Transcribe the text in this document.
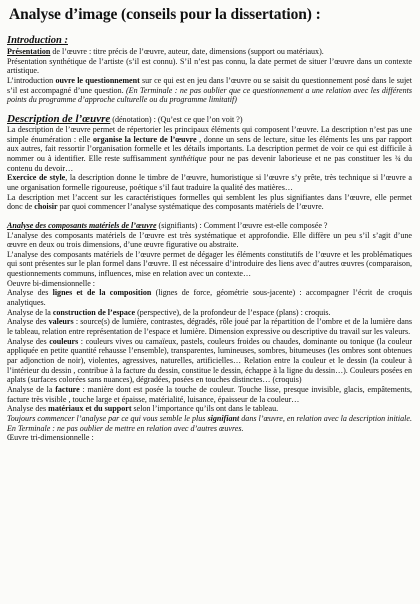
Analyse d’image (conseils pour la dissertation) :
Introduction :

Présentation de l’œuvre : titre précis de l’œuvre, auteur, date, dimensions (support ou matériaux).

Présentation synthétique de l’artiste (s’il est connu). S’il n’est pas connu, la date permet de situer l’œuvre dans un contexte artistique.

L’introduction ouvre le questionnement sur ce qui est en jeu dans l’œuvre ou se saisit du questionnement posé dans le sujet s’il est accompagné d’une question. (En Terminale : ne pas oublier que ce questionnement a une relation avec les différents points du programme d’approche culturelle ou du programme limitatif)

Description de l’œuvre (dénotation) : (Qu’est ce que l’on voit ?)

La description de l’œuvre permet de répertorier les principaux éléments qui composent l’œuvre. La description n’est pas une simple énumération : elle organise la lecture de l’œuvre , donne un sens de lecture, situe les éléments les uns par rapport aux autres, fait ressortir l’organisation formelle et les détails importants. La description permet de voir ce qui est difficile à nommer ou à identifier. Elle reste suffisamment synthétique pour ne pas devenir laborieuse et ne pas constituer les ¾ du contenu du devoir…

Exercice de style, la description donne le timbre de l’œuvre, humoristique si l’œuvre s’y prête, très technique si l’œuvre a une organisation formelle rigoureuse, poétique s’il faut traduire la qualité des matières…

La description met l’accent sur les caractéristiques formelles qui semblent les plus signifiantes dans l’œuvre, elle permet donc de choisir par quoi commencer l’analyse systématique des composants matériels de l’œuvre.

Analyse des composants matériels de l’œuvre (signifiants) : Comment l’œuvre est-elle composée ?

L’analyse des composants matériels de l’œuvre est très systématique et approfondie. Elle diffère un peu s’il s’agit d’une œuvre en deux ou trois dimensions, d’une œuvre figurative ou abstraite.

L’analyse des composants matériels de l’œuvre permet de dégager les éléments constitutifs de l’œuvre et les problématiques qui sont présentes sur le plan formel dans l’œuvre. Il est nécessaire d’introduire des liens avec d’autres œuvres (comparaison, questionnements communs, influences, mise en relation avec un contexte…

Oeuvre bi-dimensionnelle :

Analyse des lignes et de la composition (lignes de force, géométrie sous-jacente) : accompagner l’écrit de croquis analytiques.

Analyse de la construction de l’espace (perspective), de la profondeur de l’espace (plans) : croquis.

Analyse des valeurs : source(s) de lumière, contrastes, dégradés, rôle joué par la répartition de l’ombre et de la lumière dans le tableau, relation entre représentation de l’espace et lumière. Dimension expressive ou descriptive du travail sur les valeurs.

Analyse des couleurs : couleurs vives ou camaïeux, pastels, couleurs froides ou chaudes, dominante ou tonique (la couleur appliquée en petite quantité rehausse l’ensemble), transparentes, lumineuses, sombres, bitumeuses (les ombres sont obtenues par adjonction de noir), violentes, agressives, naturelles, artificielles… Relation entre la couleur et le dessin (la couleur à l’intérieur du dessin , contribue à la facture du dessin, constitue le dessin, échappe à la ligne du dessin…). Couleurs posées en aplats (surfaces colorées sans nuances), dégradées, posées en touches distinctes… (croquis)

Analyse de la facture : manière dont est posée la touche de couleur. Touche lisse, presque invisible, glacis, empâtements, facture très visible , touche large et épaisse, matérialité, luisance, épaisseur de la couleur…

Analyse des matériaux et du support selon l’importance qu’ils ont dans le tableau.

Toujours commencer l’analyse par ce qui vous semble le plus signifiant dans l’œuvre, en relation avec la description initiale. En Terminale : ne pas oublier de mettre en relation avec d’autres œuvres.

Œuvre tri-dimensionnelle :
